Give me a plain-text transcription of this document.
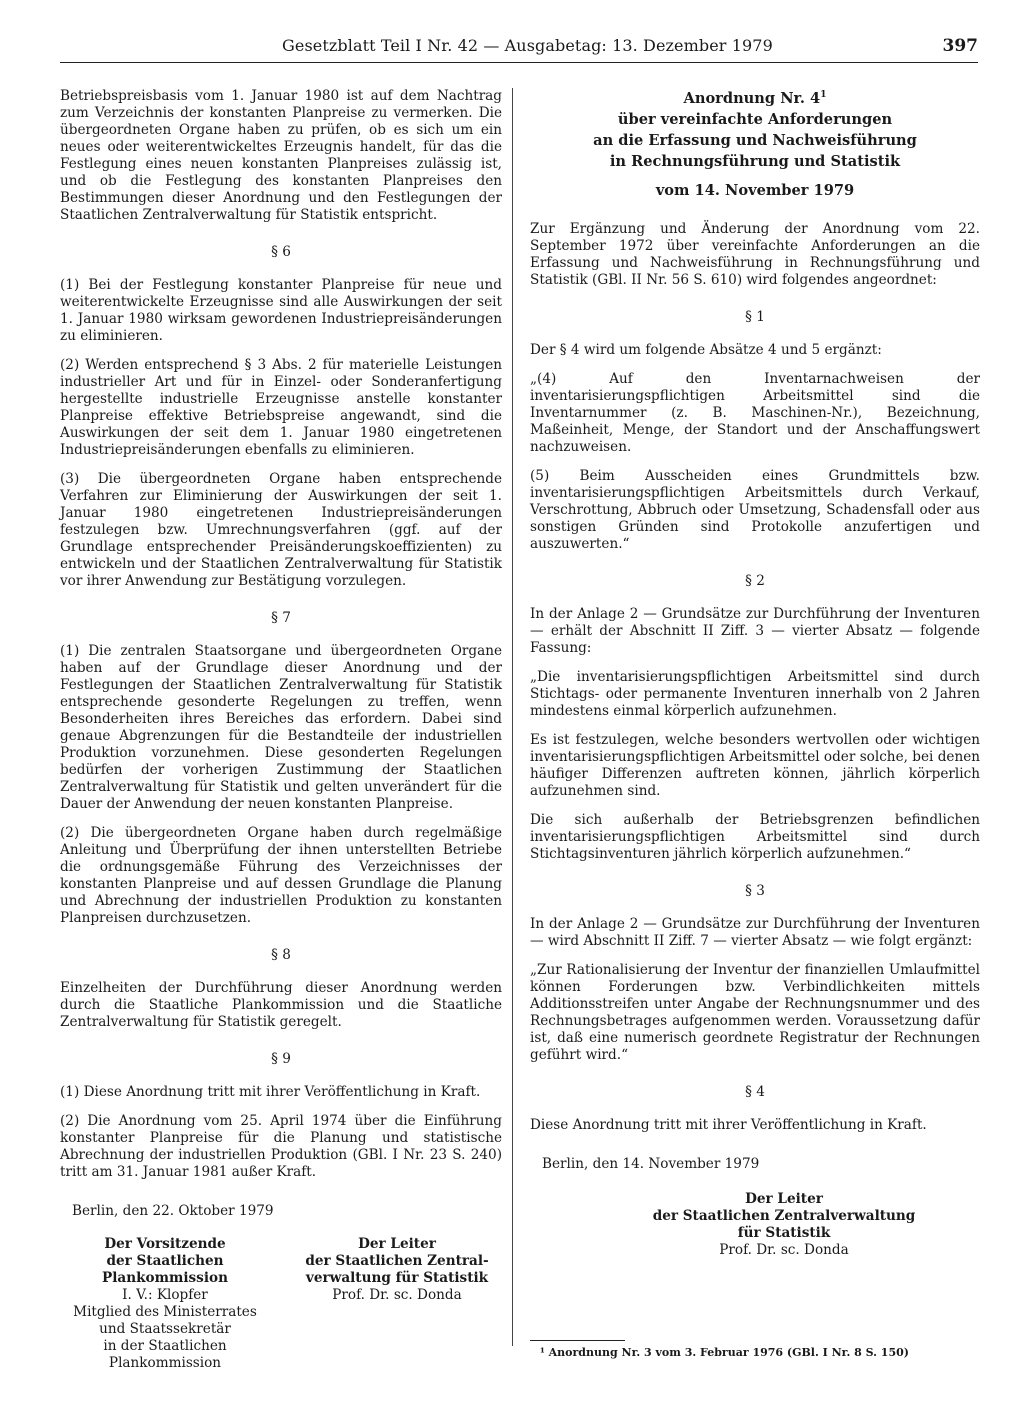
Gesetzblatt Teil I Nr. 42 — Ausgabetag: 13. Dezember 1979	397

Betriebspreisbasis vom 1. Januar 1980 ist auf dem Nachtrag zum Verzeichnis der konstanten Planpreise zu vermerken. Die übergeordneten Organe haben zu prüfen, ob es sich um ein neues oder weiterentwickeltes Erzeugnis handelt, für das die Festlegung eines neuen konstanten Planpreises zulässig ist, und ob die Festlegung des konstanten Planpreises den Bestimmungen dieser Anordnung und den Festlegungen der Staatlichen Zentralverwaltung für Statistik entspricht.

§ 6

(1) Bei der Festlegung konstanter Planpreise für neue und weiterentwickelte Erzeugnisse sind alle Auswirkungen der seit 1. Januar 1980 wirksam gewordenen Industriepreisänderungen zu eliminieren.

(2) Werden entsprechend § 3 Abs. 2 für materielle Leistungen industrieller Art und für in Einzel- oder Sonderanfertigung hergestellte industrielle Erzeugnisse anstelle konstanter Planpreise effektive Betriebspreise angewandt, sind die Auswirkungen der seit dem 1. Januar 1980 eingetretenen Industriepreisänderungen ebenfalls zu eliminieren.

(3) Die übergeordneten Organe haben entsprechende Verfahren zur Eliminierung der Auswirkungen der seit 1. Januar 1980 eingetretenen Industriepreisänderungen festzulegen bzw. Umrechnungsverfahren (ggf. auf der Grundlage entsprechender Preisänderungskoeffizienten) zu entwickeln und der Staatlichen Zentralverwaltung für Statistik vor ihrer Anwendung zur Bestätigung vorzulegen.

§ 7

(1) Die zentralen Staatsorgane und übergeordneten Organe haben auf der Grundlage dieser Anordnung und der Festlegungen der Staatlichen Zentralverwaltung für Statistik entsprechende gesonderte Regelungen zu treffen, wenn Besonderheiten ihres Bereiches das erfordern. Dabei sind genaue Abgrenzungen für die Bestandteile der industriellen Produktion vorzunehmen. Diese gesonderten Regelungen bedürfen der vorherigen Zustimmung der Staatlichen Zentralverwaltung für Statistik und gelten unverändert für die Dauer der Anwendung der neuen konstanten Planpreise.

(2) Die übergeordneten Organe haben durch regelmäßige Anleitung und Überprüfung der ihnen unterstellten Betriebe die ordnungsgemäße Führung des Verzeichnisses der konstanten Planpreise und auf dessen Grundlage die Planung und Abrechnung der industriellen Produktion zu konstanten Planpreisen durchzusetzen.

§ 8

Einzelheiten der Durchführung dieser Anordnung werden durch die Staatliche Plankommission und die Staatliche Zentralverwaltung für Statistik geregelt.

§ 9

(1) Diese Anordnung tritt mit ihrer Veröffentlichung in Kraft.

(2) Die Anordnung vom 25. April 1974 über die Einführung konstanter Planpreise für die Planung und statistische Abrechnung der industriellen Produktion (GBl. I Nr. 23 S. 240) tritt am 31. Januar 1981 außer Kraft.

Berlin, den 22. Oktober 1979
Der Vorsitzende
der Staatlichen
Plankommission
I. V.: Klopfer
Mitglied des Ministerrates
und Staatssekretär
in der Staatlichen
Plankommission
Der Leiter
der Staatlichen Zentral-
verwaltung für Statistik
Prof. Dr. sc. Donda
Anordnung Nr. $4^1$
über vereinfachte Anforderungen
an die Erfassung und Nachweisführung
in Rechnungsführung und Statistik
vom 14. November 1979

Zur Ergänzung und Änderung der Anordnung vom 22. September 1972 über vereinfachte Anforderungen an die Erfassung und Nachweisführung in Rechnungsführung und Statistik (GBl. II Nr. 56 S. 610) wird folgendes angeordnet:

§ 1

Der § 4 wird um folgende Absätze 4 und 5 ergänzt:

„(4) Auf den Inventarnachweisen der inventarisierungspflichtigen Arbeitsmittel sind die Inventarnummer (z. B. Maschinen-Nr.), Bezeichnung, Maßeinheit, Menge, der Standort und der Anschaffungswert nachzuweisen.

(5) Beim Ausscheiden eines Grundmittels bzw. inventarisierungspflichtigen Arbeitsmittels durch Verkauf, Verschrottung, Abbruch oder Umsetzung, Schadensfall oder aus sonstigen Gründen sind Protokolle anzufertigen und auszuwerten.“

§ 2

In der Anlage 2 — Grundsätze zur Durchführung der Inventuren — erhält der Abschnitt II Ziff. 3 — vierter Absatz — folgende Fassung:

„Die inventarisierungspflichtigen Arbeitsmittel sind durch Stichtags- oder permanente Inventuren innerhalb von 2 Jahren mindestens einmal körperlich aufzunehmen.

Es ist festzulegen, welche besonders wertvollen oder wichtigen inventarisierungspflichtigen Arbeitsmittel oder solche, bei denen häufiger Differenzen auftreten können, jährlich körperlich aufzunehmen sind.

Die sich außerhalb der Betriebsgrenzen befindlichen inventarisierungspflichtigen Arbeitsmittel sind durch Stichtagsinventuren jährlich körperlich aufzunehmen.“

§ 3

In der Anlage 2 — Grundsätze zur Durchführung der Inventuren — wird Abschnitt II Ziff. 7 — vierter Absatz — wie folgt ergänzt:

„Zur Rationalisierung der Inventur der finanziellen Umlaufmittel können Forderungen bzw. Verbindlichkeiten mittels Additionsstreifen unter Angabe der Rechnungsnummer und des Rechnungsbetrages aufgenommen werden. Voraussetzung dafür ist, daß eine numerisch geordnete Registratur der Rechnungen geführt wird.“

§ 4

Diese Anordnung tritt mit ihrer Veröffentlichung in Kraft.

Berlin, den 14. November 1979
Der Leiter
der Staatlichen Zentralverwaltung
für Statistik
Prof. Dr. sc. Donda
¹ Anordnung Nr. 3 vom 3. Februar 1976 (GBl. I Nr. 8 S. 150)
